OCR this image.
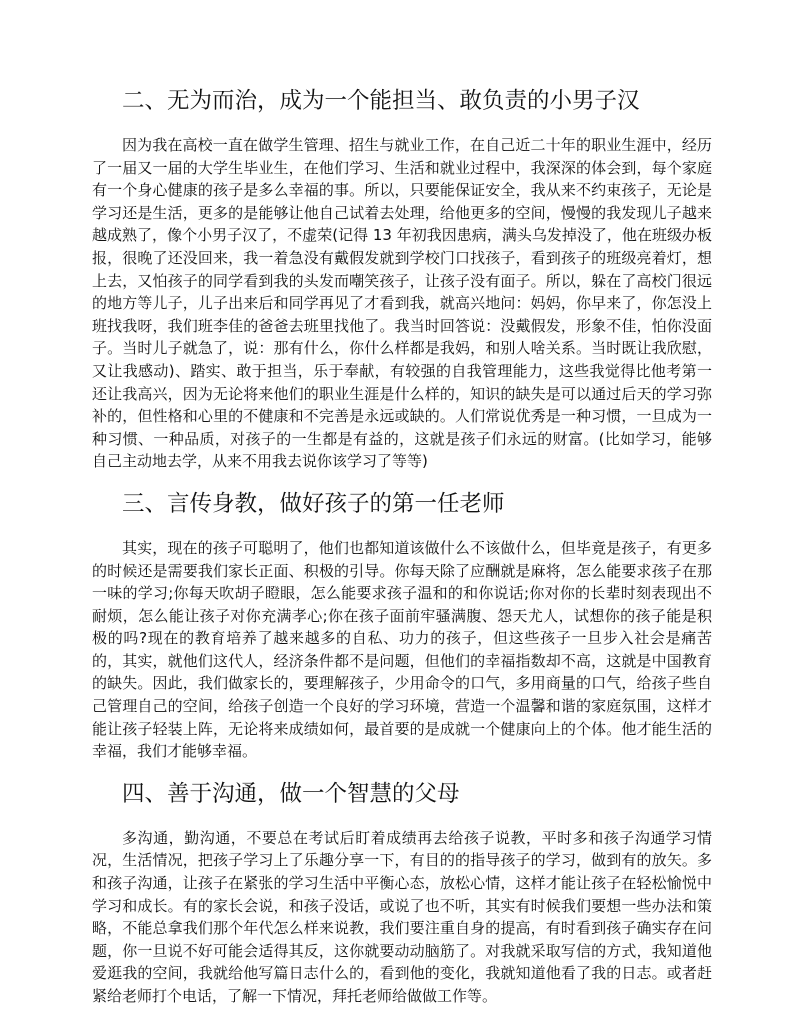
二、无为而治，成为一个能担当、敢负责的小男子汉

因为我在高校一直在做学生管理、招生与就业工作，在自己近二十年的职业生涯中，经历了一届又一届的大学生毕业生，在他们学习、生活和就业过程中，我深深的体会到，每个家庭有一个身心健康的孩子是多么幸福的事。所以，只要能保证安全，我从来不约束孩子，无论是学习还是生活，更多的是能够让他自己试着去处理，给他更多的空间，慢慢的我发现儿子越来越成熟了，像个小男子汉了，不虚荣(记得 13 年初我因患病，满头乌发掉没了，他在班级办板报，很晚了还没回来，我一着急没有戴假发就到学校门口找孩子，看到孩子的班级亮着灯，想上去，又怕孩子的同学看到我的头发而嘲笑孩子，让孩子没有面子。所以，躲在了高校门很远的地方等儿子，儿子出来后和同学再见了才看到我，就高兴地问：妈妈，你早来了，你怎没上班找我呀，我们班李佳的爸爸去班里找他了。我当时回答说：没戴假发，形象不佳，怕你没面子。当时儿子就急了，说：那有什么，你什么样都是我妈，和别人啥关系。当时既让我欣慰，又让我感动)、踏实、敢于担当，乐于奉献，有较强的自我管理能力，这些我觉得比他考第一还让我高兴，因为无论将来他们的职业生涯是什么样的，知识的缺失是可以通过后天的学习弥补的，但性格和心里的不健康和不完善是永远或缺的。人们常说优秀是一种习惯，一旦成为一种习惯、一种品质，对孩子的一生都是有益的，这就是孩子们永远的财富。(比如学习，能够自己主动地去学，从来不用我去说你该学习了等等)

三、言传身教，做好孩子的第一任老师

其实，现在的孩子可聪明了，他们也都知道该做什么不该做什么，但毕竟是孩子，有更多的时候还是需要我们家长正面、积极的引导。你每天除了应酬就是麻将，怎么能要求孩子在那一味的学习;你每天吹胡子瞪眼，怎么能要求孩子温和的和你说话;你对你的长辈时刻表现出不耐烦，怎么能让孩子对你充满孝心;你在孩子面前牢骚满腹、怨天尤人，试想你的孩子能是积极的吗?现在的教育培养了越来越多的自私、功力的孩子，但这些孩子一旦步入社会是痛苦的，其实，就他们这代人，经济条件都不是问题，但他们的幸福指数却不高，这就是中国教育的缺失。因此，我们做家长的，要理解孩子，少用命令的口气，多用商量的口气，给孩子些自己管理自己的空间，给孩子创造一个良好的学习环境，营造一个温馨和谐的家庭氛围，这样才能让孩子轻装上阵，无论将来成绩如何，最首要的是成就一个健康向上的个体。他才能生活的幸福，我们才能够幸福。

四、善于沟通，做一个智慧的父母

多沟通，勤沟通，不要总在考试后盯着成绩再去给孩子说教，平时多和孩子沟通学习情况，生活情况，把孩子学习上了乐趣分享一下，有目的的指导孩子的学习，做到有的放矢。多和孩子沟通，让孩子在紧张的学习生活中平衡心态，放松心情，这样才能让孩子在轻松愉悦中学习和成长。有的家长会说，和孩子没话，或说了也不听，其实有时候我们要想一些办法和策略，不能总拿我们那个年代怎么样来说教，我们要注重自身的提高，有时看到孩子确实存在问题，你一旦说不好可能会适得其反，这你就要动动脑筋了。对我就采取写信的方式，我知道他爱逛我的空间，我就给他写篇日志什么的，看到他的变化，我就知道他看了我的日志。或者赶紧给老师打个电话，了解一下情况，拜托老师给做做工作等。
